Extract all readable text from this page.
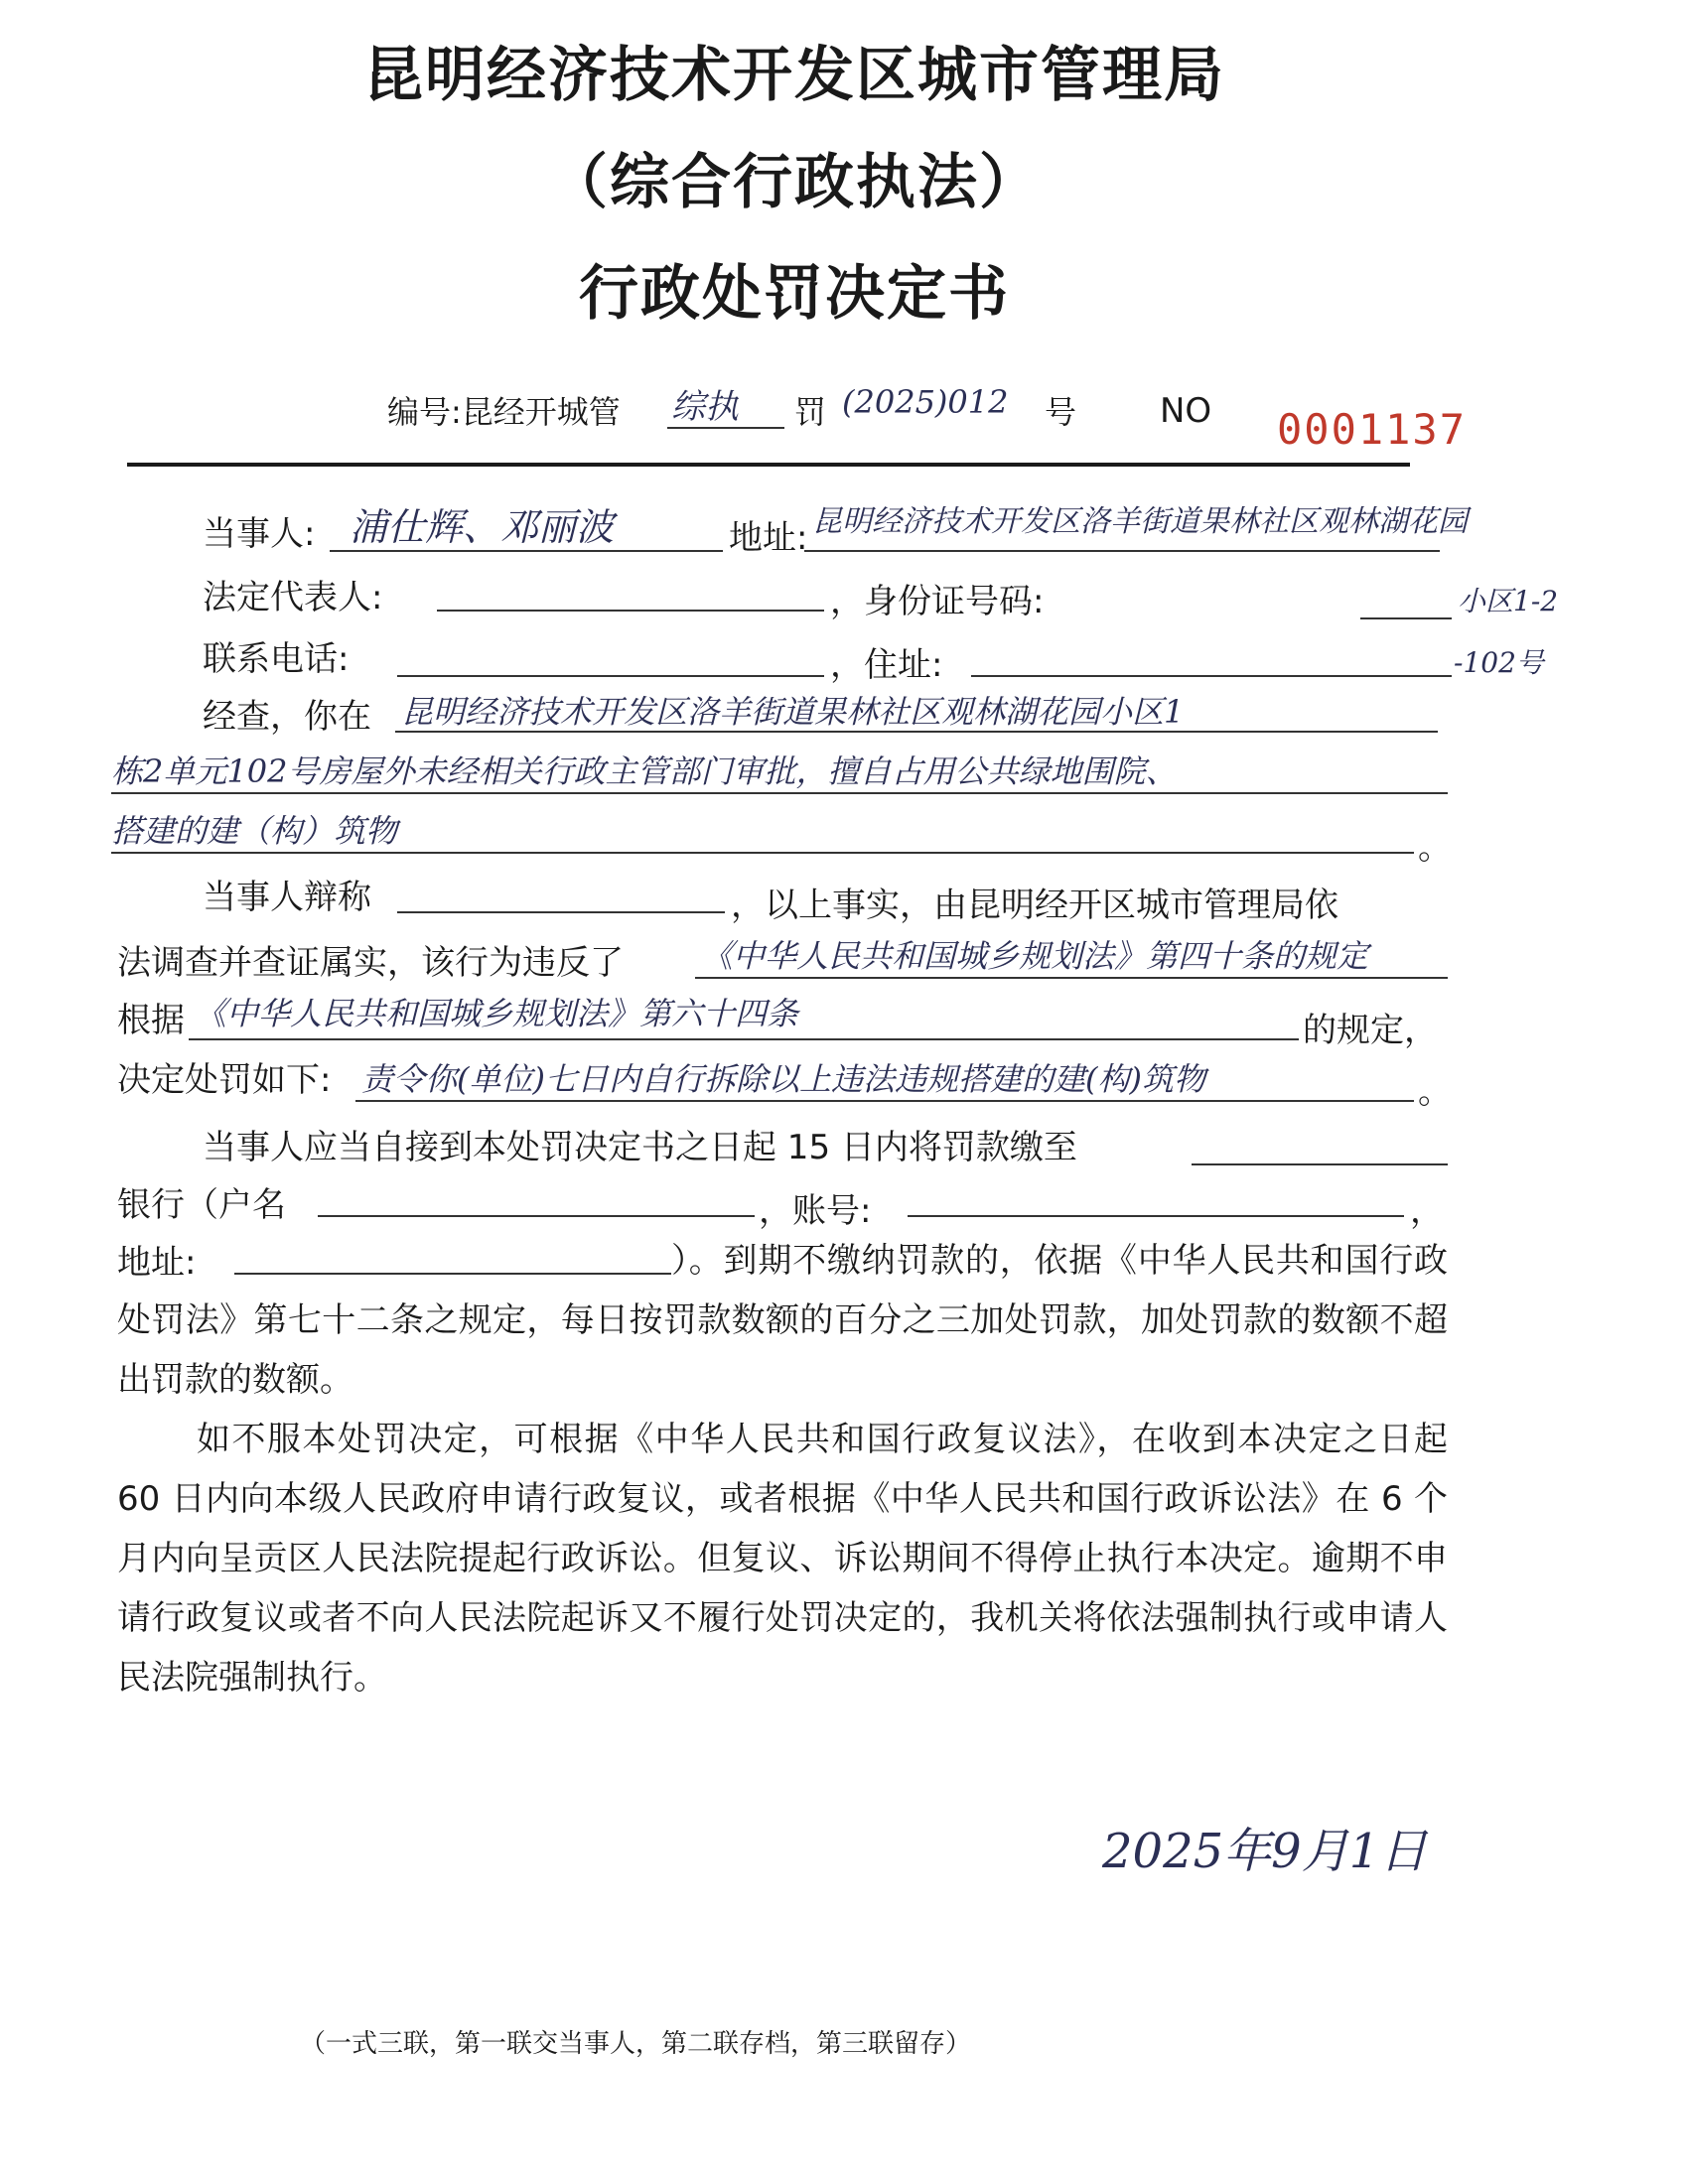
昆明经济技术开发区城市管理局
（综合行政执法）
行政处罚决定书
编号:昆经开城管 综执 罚 (2025)012 号 NO 0001137
当事人: 浦仕辉、邓丽波	地址: 昆明经济技术开发区洛羊街道果林社区观林湖花园
法定代表人:	，身份证号码:	小区1-2
联系电话:	，住址:	-102号
经查，你在 昆明经济技术开发区洛羊街道果林社区观林湖花园小区1
栋2单元102号房屋外未经相关行政主管部门审批，擅自占用公共绿地围院、
搭建的建（构）筑物	。
当事人辩称	，以上事实，由昆明经开区城市管理局依
法调查并查证属实，该行为违反了 《中华人民共和国城乡规划法》第四十条的规定
根据 《中华人民共和国城乡规划法》第六十四条	的规定，
决定处罚如下: 责令你(单位)七日内自行拆除以上违法违规搭建的建(构)筑物	。
当事人应当自接到本处罚决定书之日起 15 日内将罚款缴至
银行（户名	，账号:	，
地址:	）。到期不缴纳罚款的，依据《中华人民共和国行政处罚法》第七十二条之规定，每日按罚款数额的百分之三加处罚款，加处罚款的数额不超出罚款的数额。
如不服本处罚决定，可根据《中华人民共和国行政复议法》，在收到本决定之日起 60 日内向本级人民政府申请行政复议，或者根据《中华人民共和国行政诉讼法》在 6 个月内向呈贡区人民法院提起行政诉讼。但复议、诉讼期间不得停止执行本决定。逾期不申请行政复议或者不向人民法院起诉又不履行处罚决定的，我机关将依法强制执行或申请人民法院强制执行。
2025年9月1日
（一式三联，第一联交当事人，第二联存档，第三联留存）
